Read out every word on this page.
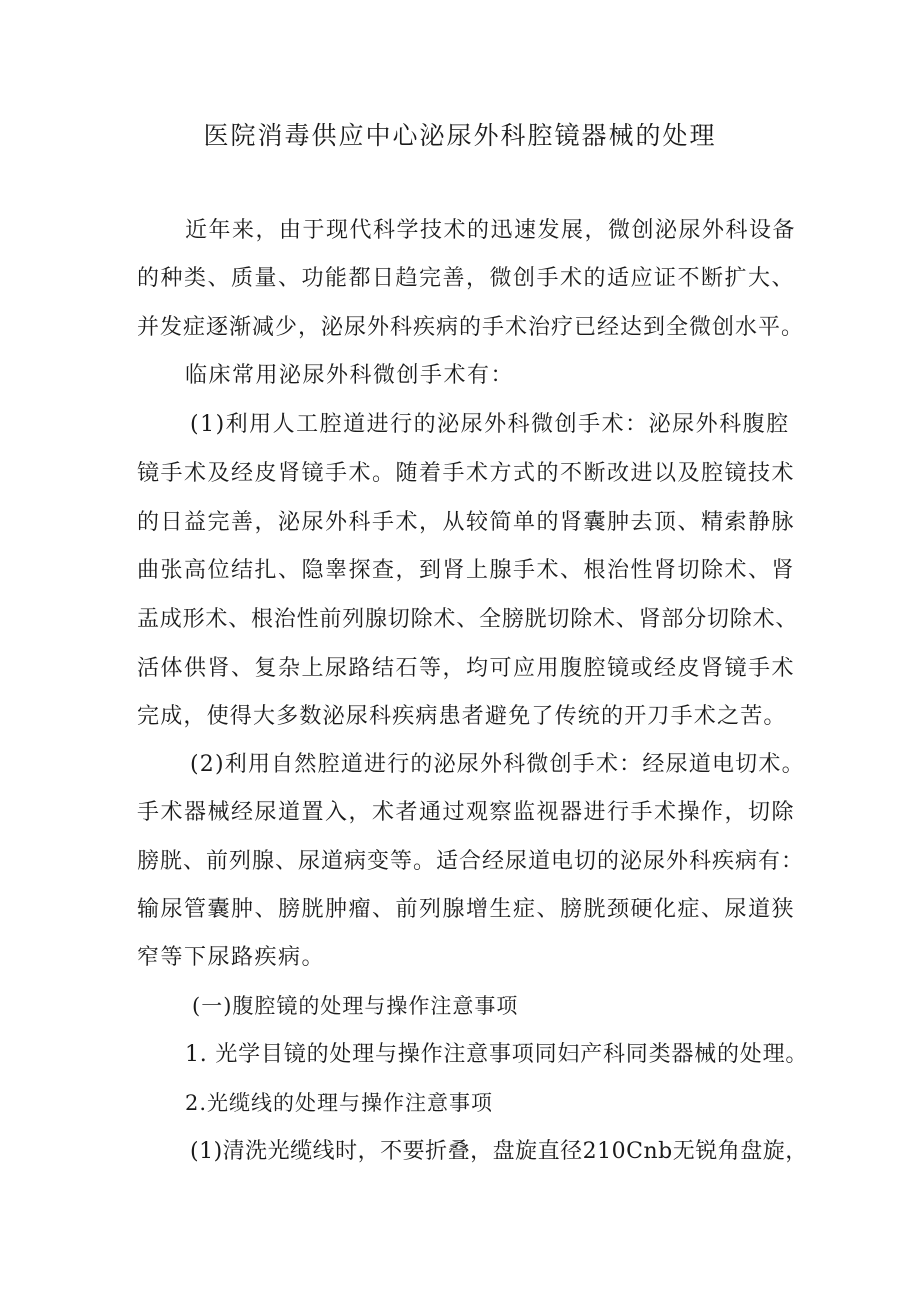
医院消毒供应中心泌尿外科腔镜器械的处理
近年来，由于现代科学技术的迅速发展，微创泌尿外科设备
的种类、质量、功能都日趋完善，微创手术的适应证不断扩大、
并发症逐渐减少，泌尿外科疾病的手术治疗已经达到全微创水平。
临床常用泌尿外科微创手术有：
(1)利用人工腔道进行的泌尿外科微创手术：泌尿外科腹腔
镜手术及经皮肾镜手术。随着手术方式的不断改进以及腔镜技术
的日益完善，泌尿外科手术，从较简单的肾囊肿去顶、精索静脉
曲张高位结扎、隐睾探查，到肾上腺手术、根治性肾切除术、肾
盂成形术、根治性前列腺切除术、全膀胱切除术、肾部分切除术、
活体供肾、复杂上尿路结石等，均可应用腹腔镜或经皮肾镜手术
完成，使得大多数泌尿科疾病患者避免了传统的开刀手术之苦。
(2)利用自然腔道进行的泌尿外科微创手术：经尿道电切术。
手术器械经尿道置入，术者通过观察监视器进行手术操作，切除
膀胱、前列腺、尿道病变等。适合经尿道电切的泌尿外科疾病有：
输尿管囊肿、膀胱肿瘤、前列腺增生症、膀胱颈硬化症、尿道狭
窄等下尿路疾病。
(一)腹腔镜的处理与操作注意事项
1. 光学目镜的处理与操作注意事项同妇产科同类器械的处理。
2.光缆线的处理与操作注意事项
(1)清洗光缆线时，不要折叠，盘旋直径210Cnb无锐角盘旋，
